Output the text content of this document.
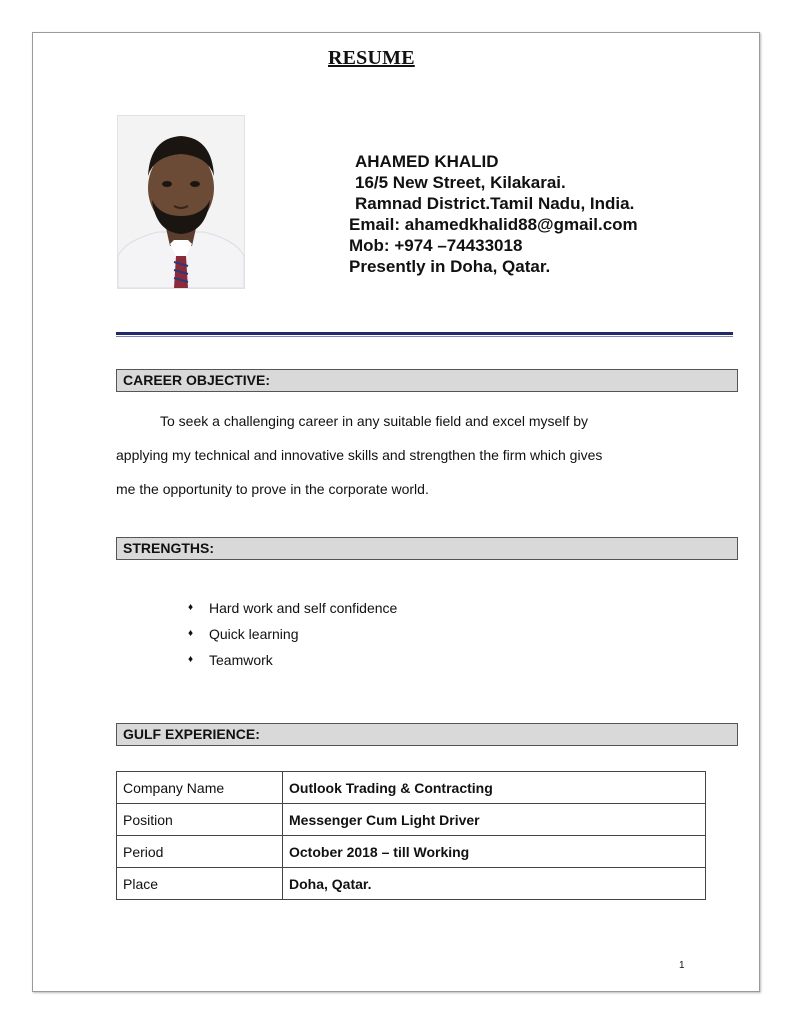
RESUME
AHAMED KHALID
16/5 New Street, Kilakarai.
Ramnad District.Tamil Nadu, India.
Email: ahamedkhalid88@gmail.com
Mob: +974 –74433018
Presently in Doha, Qatar.
CAREER OBJECTIVE:
To seek a challenging career in any suitable field and excel myself by
applying my technical and innovative skills and strengthen the firm which gives
me the opportunity to prove in the corporate world.
STRENGTHS:
♦	Hard work and self confidence
♦	Quick learning
♦	Teamwork
GULF EXPERIENCE:
Company Name	Outlook Trading & Contracting
Position	Messenger Cum Light Driver
Period	October 2018 – till Working
Place	Doha, Qatar.
1
